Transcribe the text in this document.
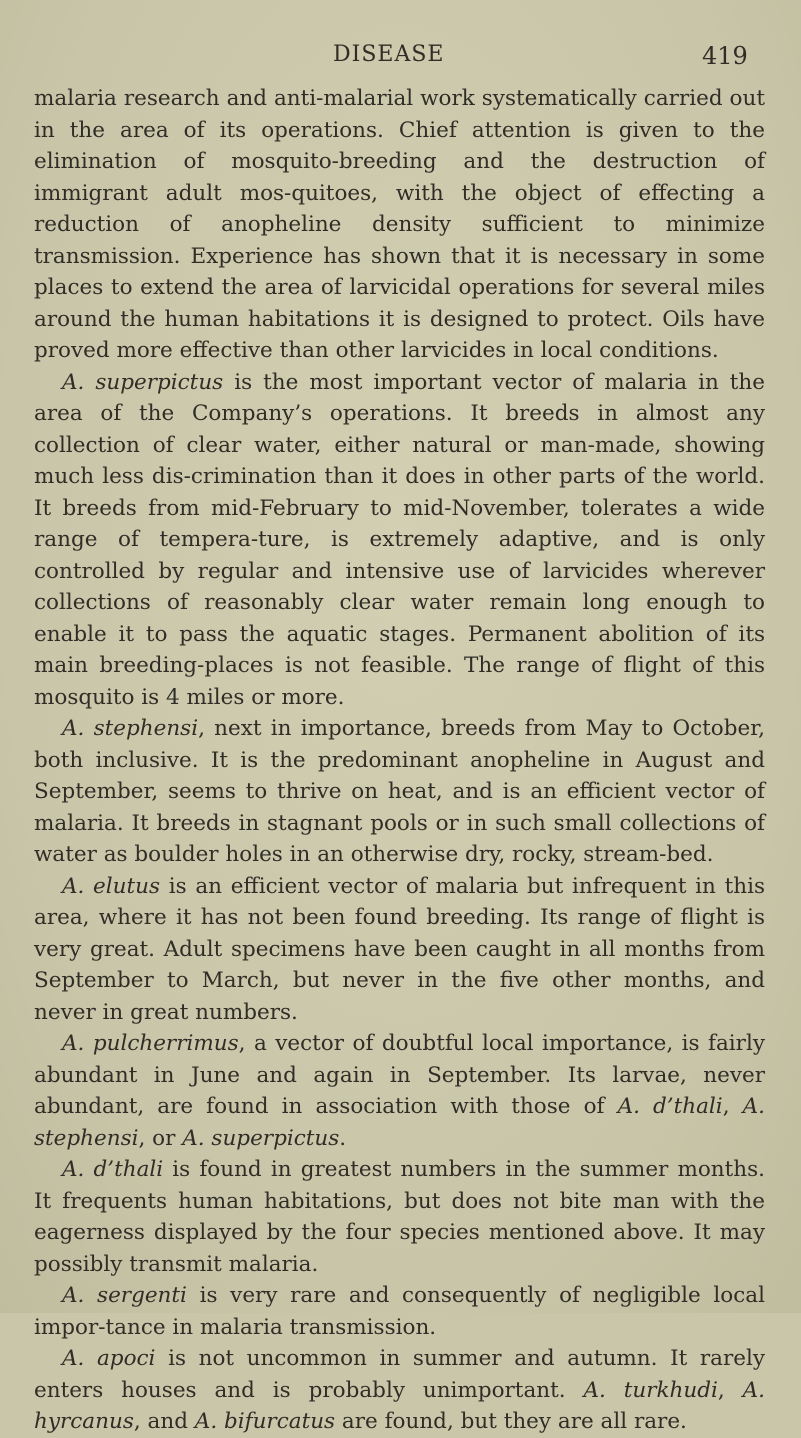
DISEASE	419

malaria research and anti-malarial work systematically carried out in the area of its operations. Chief attention is given to the elimination of mosquito-breeding and the destruction of immigrant adult mos-quitoes, with the object of effecting a reduction of anopheline density sufficient to minimize transmission. Experience has shown that it is necessary in some places to extend the area of larvicidal operations for several miles around the human habitations it is designed to protect. Oils have proved more effective than other larvicides in local conditions.

A. superpictus is the most important vector of malaria in the area of the Company’s operations. It breeds in almost any collection of clear water, either natural or man-made, showing much less dis-crimination than it does in other parts of the world. It breeds from mid-February to mid-November, tolerates a wide range of tempera-ture, is extremely adaptive, and is only controlled by regular and intensive use of larvicides wherever collections of reasonably clear water remain long enough to enable it to pass the aquatic stages. Permanent abolition of its main breeding-places is not feasible. The range of flight of this mosquito is 4 miles or more.

A. stephensi, next in importance, breeds from May to October, both inclusive. It is the predominant anopheline in August and September, seems to thrive on heat, and is an efficient vector of malaria. It breeds in stagnant pools or in such small collections of water as boulder holes in an otherwise dry, rocky, stream-bed.

A. elutus is an efficient vector of malaria but infrequent in this area, where it has not been found breeding. Its range of flight is very great. Adult specimens have been caught in all months from September to March, but never in the five other months, and never in great numbers.

A. pulcherrimus, a vector of doubtful local importance, is fairly abundant in June and again in September. Its larvae, never abundant, are found in association with those of A. d’thali, A. stephensi, or A. superpictus.

A. d’thali is found in greatest numbers in the summer months. It frequents human habitations, but does not bite man with the eagerness displayed by the four species mentioned above. It may possibly transmit malaria.

A. sergenti is very rare and consequently of negligible local impor-tance in malaria transmission.

A. apoci is not uncommon in summer and autumn. It rarely enters houses and is probably unimportant. A. turkhudi, A. hyrcanus, and A. bifurcatus are found, but they are all rare.
